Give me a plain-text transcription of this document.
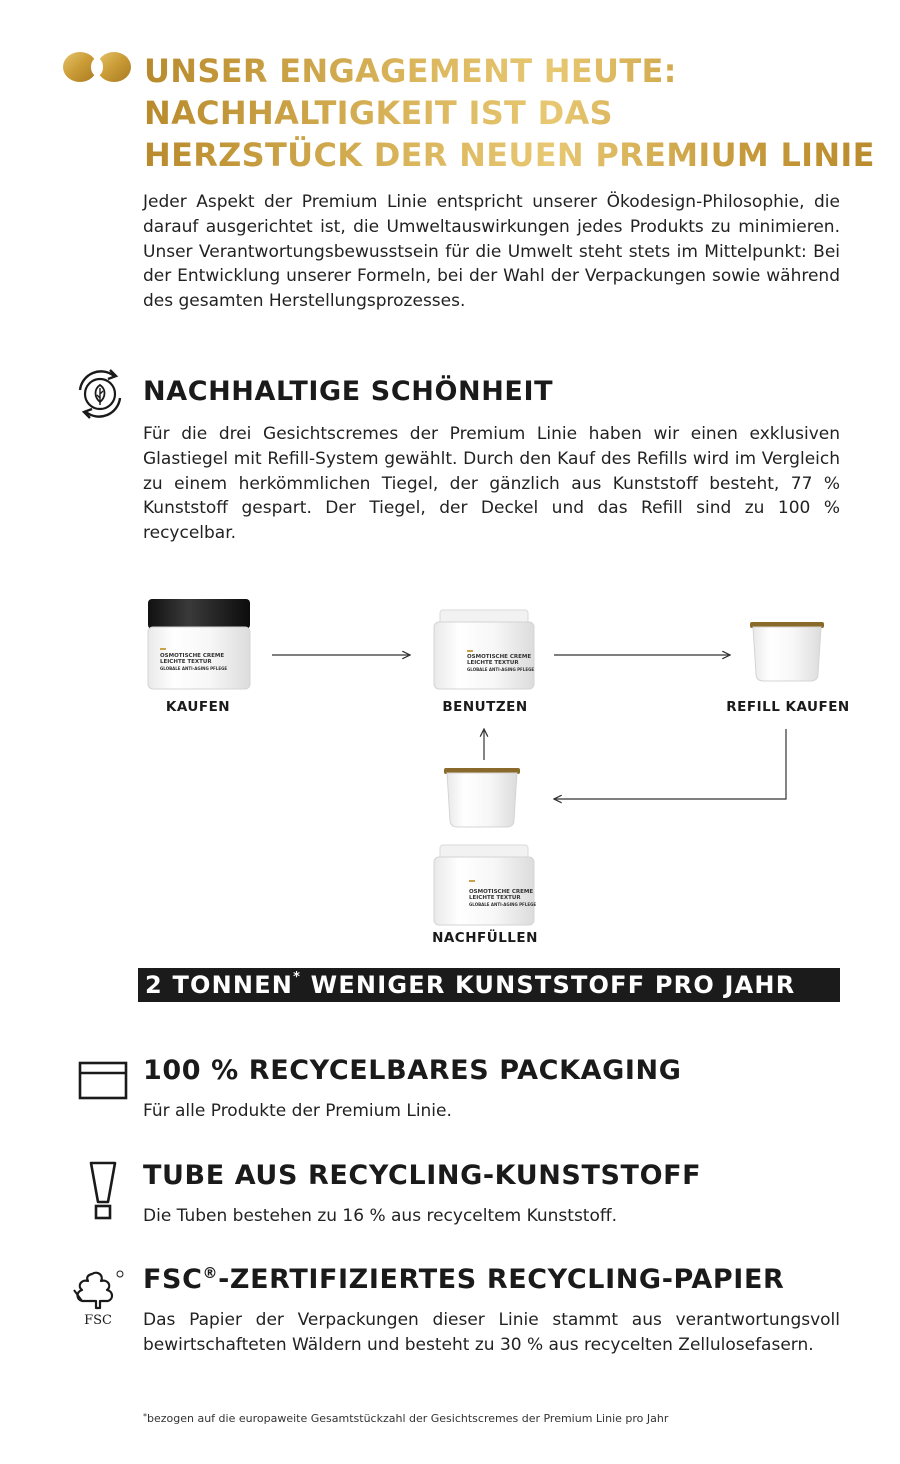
UNSER ENGAGEMENT HEUTE:
NACHHALTIGKEIT IST DAS
HERZSTÜCK DER NEUEN PREMIUM LINIE

Jeder Aspekt der Premium Linie entspricht unserer Ökodesign-Philosophie, die darauf ausgerichtet ist, die Umweltauswirkungen jedes Produkts zu minimieren. Unser Verantwortungsbewusstsein für die Umwelt steht stets im Mittelpunkt: Bei der Entwicklung unserer Formeln, bei der Wahl der Verpackungen sowie während des gesamten Herstellungsprozesses.

NACHHALTIGE SCHÖNHEIT

Für die drei Gesichtscremes der Premium Linie haben wir einen exklusiven Glastiegel mit Refill-System gewählt. Durch den Kauf des Refills wird im Vergleich zu einem herkömmlichen Tiegel, der gänzlich aus Kunststoff besteht, 77 % Kunststoff gespart. Der Tiegel, der Deckel und das Refill sind zu 100 % recycelbar.

OSMOTISCHE CREME
LEICHTE TEXTUR
GLOBALE ANTI-AGING PFLEGE
OSMOTISCHE CREME
LEICHTE TEXTUR
GLOBALE ANTI-AGING PFLEGE
OSMOTISCHE CREME
LEICHTE TEXTUR
GLOBALE ANTI-AGING PFLEGE
KAUFEN	BENUTZEN	REFILL KAUFEN
NACHFÜLLEN
2 TONNEN* WENIGER KUNSTSTOFF PRO JAHR
100 % RECYCELBARES PACKAGING
Für alle Produkte der Premium Linie.
TUBE AUS RECYCLING-KUNSTSTOFF
Die Tuben bestehen zu 16 % aus recyceltem Kunststoff.
FSC
FSC®-ZERTIFIZIERTES RECYCLING-PAPIER

Das Papier der Verpackungen dieser Linie stammt aus verantwortungsvoll bewirtschafteten Wäldern und besteht zu 30 % aus recycelten Zellulosefasern.

*bezogen auf die europaweite Gesamtstückzahl der Gesichtscremes der Premium Linie pro Jahr
